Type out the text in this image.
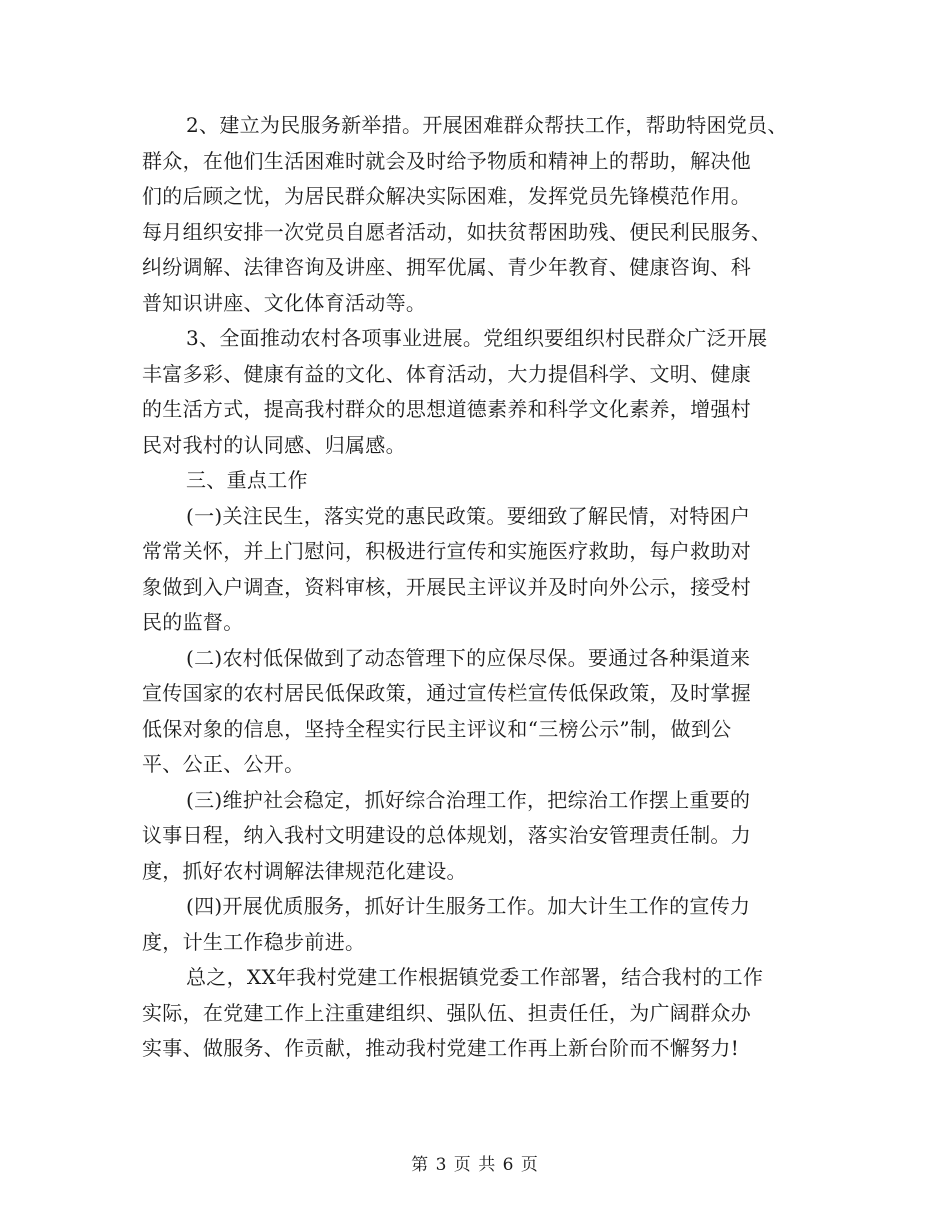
2、建立为民服务新举措。开展困难群众帮扶工作，帮助特困党员、
群众，在他们生活困难时就会及时给予物质和精神上的帮助，解决他
们的后顾之忧，为居民群众解决实际困难，发挥党员先锋模范作用。
每月组织安排一次党员自愿者活动，如扶贫帮困助残、便民利民服务、
纠纷调解、法律咨询及讲座、拥军优属、青少年教育、健康咨询、科
普知识讲座、文化体育活动等。
3、全面推动农村各项事业进展。党组织要组织村民群众广泛开展
丰富多彩、健康有益的文化、体育活动，大力提倡科学、文明、健康
的生活方式，提高我村群众的思想道德素养和科学文化素养，增强村
民对我村的认同感、归属感。
三、重点工作
(一)关注民生，落实党的惠民政策。要细致了解民情，对特困户
常常关怀，并上门慰问，积极进行宣传和实施医疗救助，每户救助对
象做到入户调查，资料审核，开展民主评议并及时向外公示，接受村
民的监督。
(二)农村低保做到了动态管理下的应保尽保。要通过各种渠道来
宣传国家的农村居民低保政策，通过宣传栏宣传低保政策，及时掌握
低保对象的信息，坚持全程实行民主评议和“三榜公示”制，做到公
平、公正、公开。
(三)维护社会稳定，抓好综合治理工作，把综治工作摆上重要的
议事日程，纳入我村文明建设的总体规划，落实治安管理责任制。力
度，抓好农村调解法律规范化建设。
(四)开展优质服务，抓好计生服务工作。加大计生工作的宣传力
度，计生工作稳步前进。
总之，XX年我村党建工作根据镇党委工作部署，结合我村的工作
实际，在党建工作上注重建组织、强队伍、担责任任，为广阔群众办
实事、做服务、作贡献，推动我村党建工作再上新台阶而不懈努力!
第 3 页 共 6 页
